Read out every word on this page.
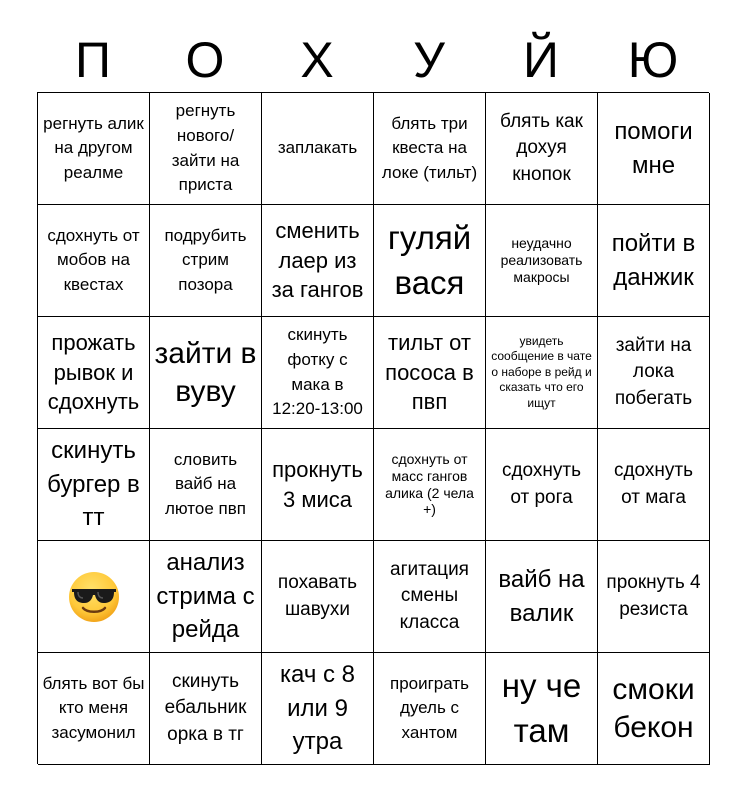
П	О	Х	У	Й	Ю
регнуть алик на другом реалме
регнуть нового/ зайти на приста
заплакать
блять три квеста на локе (тильт)
блять как дохуя кнопок
помоги мне
сдохнуть от мобов на квестах
подрубить стрим позора
сменить лаер из за гангов
гуляй вася
неудачно реализовать макросы
пойти в данжик
прожать рывок и сдохнуть
зайти в вуву
скинуть фотку с мака в 12:20-13:00
тильт от пососа в пвп
увидеть сообщение в чате о наборе в рейд и сказать что его ищут
зайти на лока побегать
скинуть бургер в тт
словить вайб на лютое пвп
прокнуть 3 миса
сдохнуть от масс гангов алика (2 чела +)
сдохнуть от рога
сдохнуть от мага
анализ стрима с рейда
похавать шавухи
агитация смены класса
вайб на валик
прокнуть 4 резиста
блять вот бы кто меня засумонил
скинуть ебальник орка в тг
кач с 8 или 9 утра
проиграть дуель с хантом
ну че там
смоки бекон
